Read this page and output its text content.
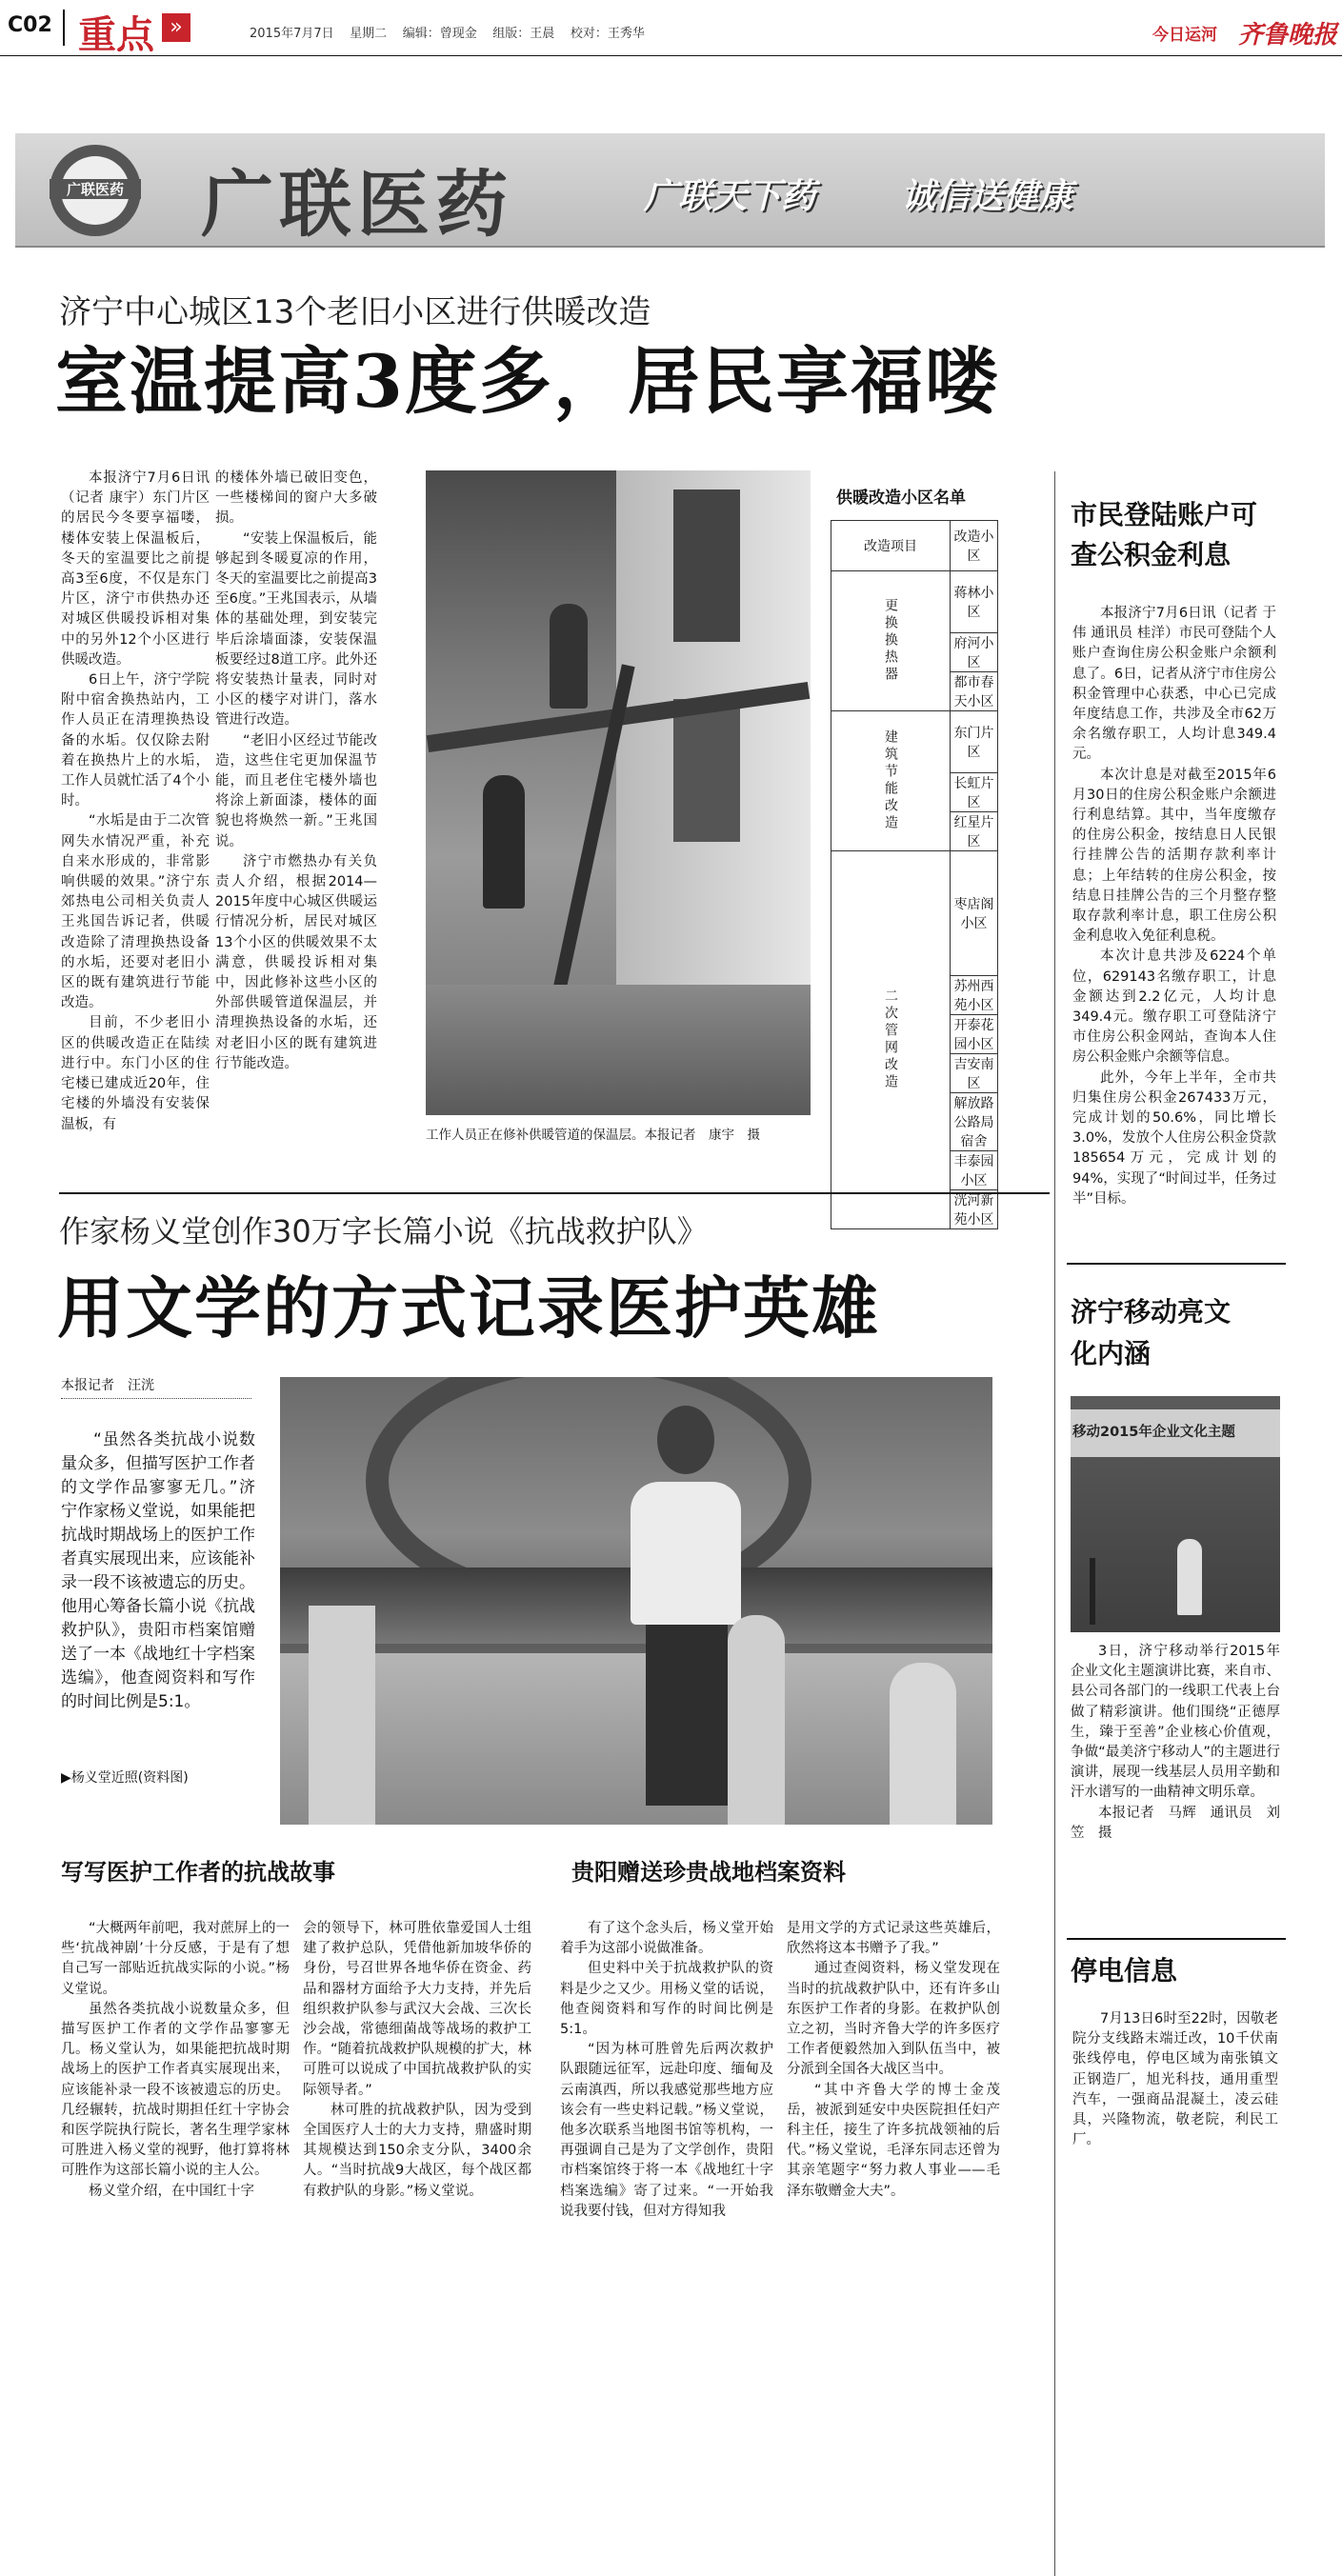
C02 重点 »	2015年7月7日 星期二 编辑：曾现金 组版：王晨 校对：王秀华	今日运河 齐鲁晚报
广联医药 广联医药	广联天下药 诚信送健康
济宁中心城区13个老旧小区进行供暖改造
室温提高3度多，居民享福喽

本报济宁7月6日讯（记者 康宇）东门片区的居民今冬要享福喽，楼体安装上保温板后，冬天的室温要比之前提高3至6度，不仅是东门片区，济宁市供热办还对城区供暖投诉相对集中的另外12个小区进行供暖改造。

6日上午，济宁学院附中宿舍换热站内，工作人员正在清理换热设备的水垢。仅仅除去附着在换热片上的水垢，工作人员就忙活了4个小时。

“水垢是由于二次管网失水情况严重，补充自来水形成的，非常影响供暖的效果。”济宁东郊热电公司相关负责人王兆国告诉记者，供暖改造除了清理换热设备的水垢，还要对老旧小区的既有建筑进行节能改造。

目前，不少老旧小区的供暖改造正在陆续进行中。东门小区的住宅楼已建成近20年，住宅楼的外墙没有安装保温板，有

的楼体外墙已破旧变色，一些楼梯间的窗户大多破损。

“安装上保温板后，能够起到冬暖夏凉的作用，冬天的室温要比之前提高3至6度。”王兆国表示，从墙体的基础处理，到安装完毕后涂墙面漆，安装保温板要经过8道工序。此外还将安装热计量表，同时对小区的楼字对讲门，落水管进行改造。

“老旧小区经过节能改造，这些住宅更加保温节能，而且老住宅楼外墙也将涂上新面漆，楼体的面貌也将焕然一新。”王兆国说。

济宁市燃热办有关负责人介绍，根据2014—2015年度中心城区供暖运行情况分析，居民对城区13个小区的供暖效果不太满意，供暖投诉相对集中，因此修补这些小区的外部供暖管道保温层，并清理换热设备的水垢，还对老旧小区的既有建筑进行节能改造。

工作人员正在修补供暖管道的保温层。本报记者　康宇　摄
供暖改造小区名单
改造项目	改造小区
更换换热器	蒋林小区
	府河小区
	都市春天小区
建筑节能改造	东门片区
	长虹片区
	红星片区
二次管网改造	枣店阁小区
	苏州西苑小区
	开泰花园小区
	吉安南区
	解放路公路局宿舍
	丰泰园小区
	洸河新苑小区
市民登陆账户可查公积金利息

本报济宁7月6日讯（记者 于伟 通讯员 桂洋）市民可登陆个人账户查询住房公积金账户余额利息了。6日，记者从济宁市住房公积金管理中心获悉，中心已完成年度结息工作，共涉及全市62万余名缴存职工，人均计息349.4元。

本次计息是对截至2015年6月30日的住房公积金账户余额进行利息结算。其中，当年度缴存的住房公积金，按结息日人民银行挂牌公告的活期存款利率计息；上年结转的住房公积金，按结息日挂牌公告的三个月整存整取存款利率计息，职工住房公积金利息收入免征利息税。

本次计息共涉及6224个单位，629143名缴存职工，计息金额达到2.2亿元，人均计息349.4元。缴存职工可登陆济宁市住房公积金网站，查询本人住房公积金账户余额等信息。

此外，今年上半年，全市共归集住房公积金267433万元，完成计划的50.6%，同比增长3.0%，发放个人住房公积金贷款185654万元，完成计划的94%，实现了“时间过半，任务过半”目标。

作家杨义堂创作30万字长篇小说《抗战救护队》
用文学的方式记录医护英雄
本报记者　汪洸

“虽然各类抗战小说数量众多，但描写医护工作者的文学作品寥寥无几。”济宁作家杨义堂说，如果能把抗战时期战场上的医护工作者真实展现出来，应该能补录一段不该被遗忘的历史。他用心筹备长篇小说《抗战救护队》，贵阳市档案馆赠送了一本《战地红十字档案选编》，他查阅资料和写作的时间比例是5:1。

▶杨义堂近照(资料图)
写写医护工作者的抗战故事	贵阳赠送珍贵战地档案资料

“大概两年前吧，我对蔗屏上的一些‘抗战神剧’十分反感，于是有了想自己写一部贴近抗战实际的小说。”杨义堂说。

虽然各类抗战小说数量众多，但描写医护工作者的文学作品寥寥无几。杨义堂认为，如果能把抗战时期战场上的医护工作者真实展现出来，应该能补录一段不该被遗忘的历史。几经辗转，抗战时期担任红十字协会和医学院执行院长，著名生理学家林可胜进入杨义堂的视野，他打算将林可胜作为这部长篇小说的主人公。

杨义堂介绍，在中国红十字

会的领导下，林可胜依靠爱国人士组建了救护总队，凭借他新加坡华侨的身份，号召世界各地华侨在资金、药品和器材方面给予大力支持，并先后组织救护队参与武汉大会战、三次长沙会战，常德细菌战等战场的救护工作。“随着抗战救护队规模的扩大，林可胜可以说成了中国抗战救护队的实际领导者。”

林可胜的抗战救护队，因为受到全国医疗人士的大力支持，鼎盛时期其规模达到150余支分队，3400余人。“当时抗战9大战区，每个战区都有救护队的身影。”杨义堂说。

有了这个念头后，杨义堂开始着手为这部小说做准备。

但史料中关于抗战救护队的资料是少之又少。用杨义堂的话说，他查阅资料和写作的时间比例是5:1。

“因为林可胜曾先后两次救护队跟随远征军，远赴印度、缅甸及云南滇西，所以我感觉那些地方应该会有一些史料记载。”杨义堂说，他多次联系当地图书馆等机构，一再强调自己是为了文学创作，贵阳市档案馆终于将一本《战地红十字档案选编》寄了过来。“一开始我说我要付钱，但对方得知我

是用文学的方式记录这些英雄后，欣然将这本书赠予了我。”

通过查阅资料，杨义堂发现在当时的抗战救护队中，还有许多山东医护工作者的身影。在救护队创立之初，当时齐鲁大学的许多医疗工作者便毅然加入到队伍当中，被分派到全国各大战区当中。

“其中齐鲁大学的博士金茂岳，被派到延安中央医院担任妇产科主任，接生了许多抗战领袖的后代。”杨义堂说，毛泽东同志还曾为其亲笔题字“努力救人事业——毛泽东敬赠金大夫”。

济宁移动亮文化内涵
移动2015年企业文化主题

3日，济宁移动举行2015年企业文化主题演讲比赛，来自市、县公司各部门的一线职工代表上台做了精彩演讲。他们围绕“正德厚生，臻于至善”企业核心价值观，争做“最美济宁移动人”的主题进行演讲，展现一线基层人员用辛勤和汗水谱写的一曲精神文明乐章。

本报记者　马辉　通讯员　刘笠　摄

停电信息

7月13日6时至22时，因敬老院分支线路末端迁改，10千伏南张线停电，停电区域为南张镇文正钢造厂，旭光科技，通用重型汽车，一强商品混凝土，凌云硅具，兴隆物流，敬老院，利民工厂。
